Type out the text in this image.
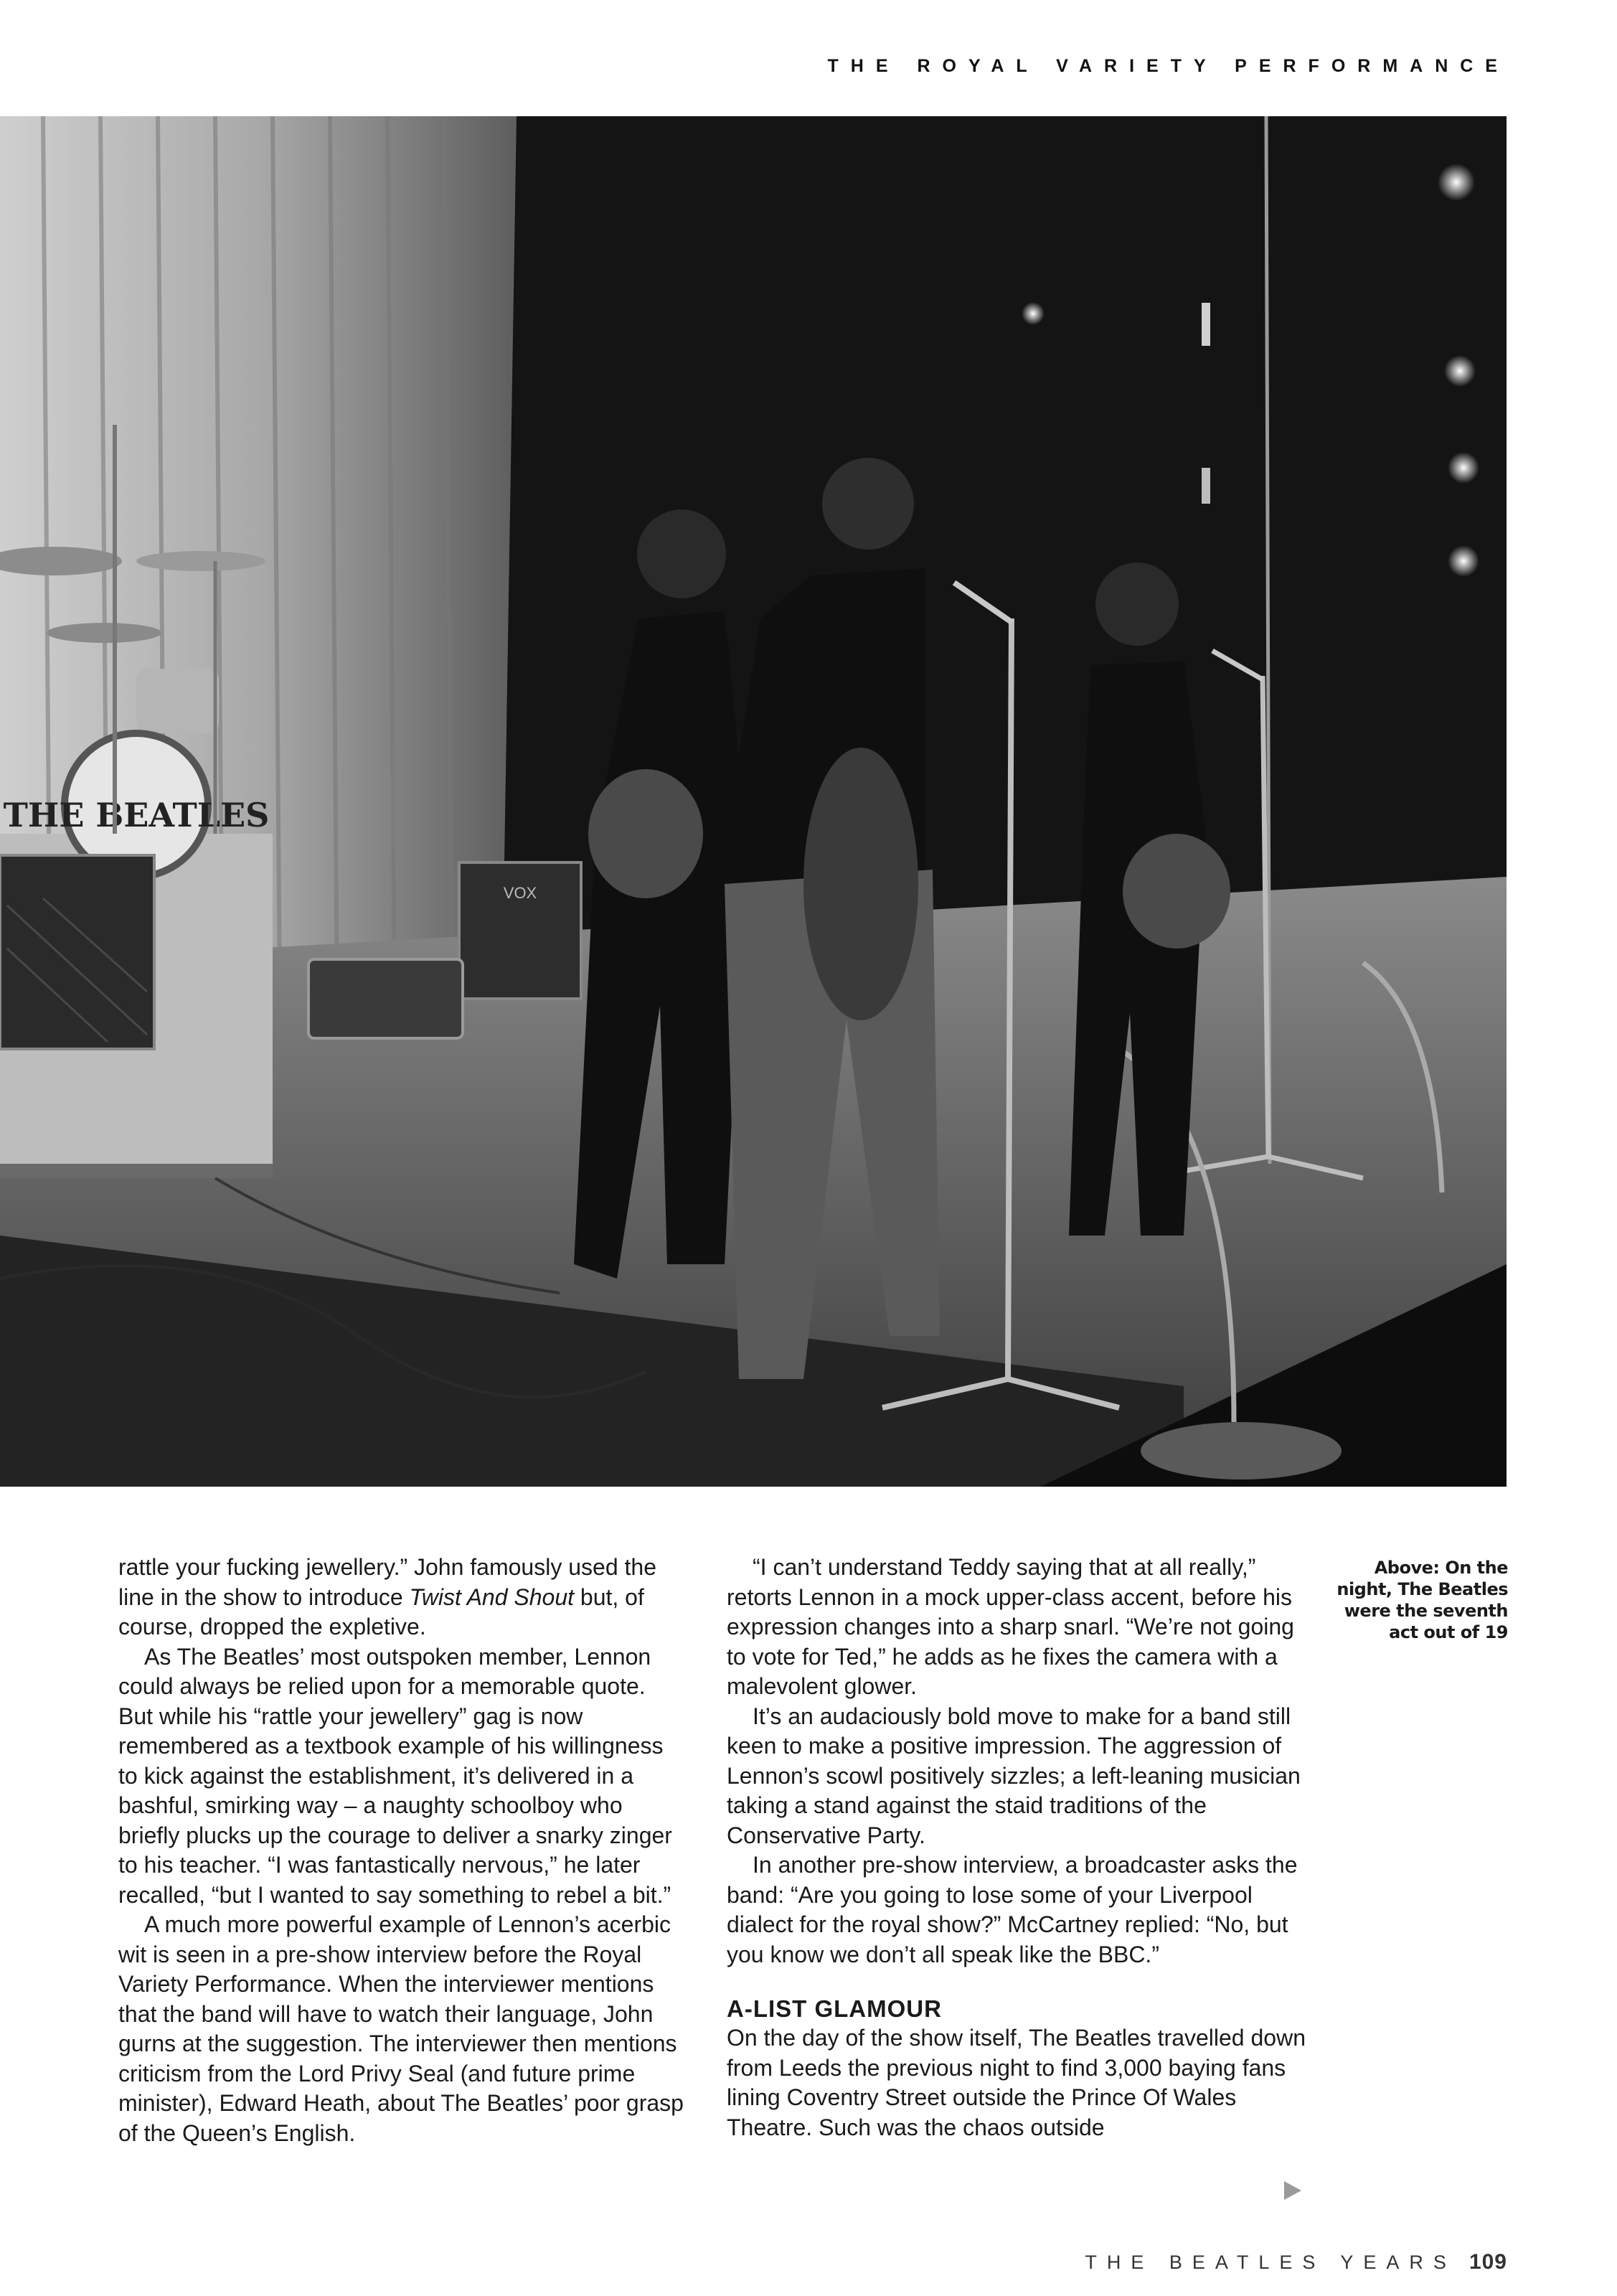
THE ROYAL VARIETY PERFORMANCE
THE BEATLES
VOX

rattle your fucking jewellery.” John famously used the line in the show to introduce Twist And Shout but, of course, dropped the expletive.

As The Beatles’ most outspoken member, Lennon could always be relied upon for a memorable quote. But while his “rattle your jewellery” gag is now remembered as a textbook example of his willingness to kick against the establishment, it’s delivered in a bashful, smirking way – a naughty schoolboy who briefly plucks up the courage to deliver a snarky zinger to his teacher. “I was fantastically nervous,” he later recalled, “but I wanted to say something to rebel a bit.”

A much more powerful example of Lennon’s acerbic wit is seen in a pre-show interview before the Royal Variety Performance. When the interviewer mentions that the band will have to watch their language, John gurns at the suggestion. The interviewer then mentions criticism from the Lord Privy Seal (and future prime minister), Edward Heath, about The Beatles’ poor grasp of the Queen’s English.

“I can’t understand Teddy saying that at all really,” retorts Lennon in a mock upper-class accent, before his expression changes into a sharp snarl. “We’re not going to vote for Ted,” he adds as he fixes the camera with a malevolent glower.

It’s an audaciously bold move to make for a band still keen to make a positive impression. The aggression of Lennon’s scowl positively sizzles; a left-leaning musician taking a stand against the staid traditions of the Conservative Party.

In another pre-show interview, a broadcaster asks the band: “Are you going to lose some of your Liverpool dialect for the royal show?” McCartney replied: “No, but you know we don’t all speak like the BBC.”

A-LIST GLAMOUR

On the day of the show itself, The Beatles travelled down from Leeds the previous night to find 3,000 baying fans lining Coventry Street outside the Prince Of Wales Theatre. Such was the chaos outside

Above: On the night, The Beatles were the seventh act out of 19
THE BEATLES YEARS 109
